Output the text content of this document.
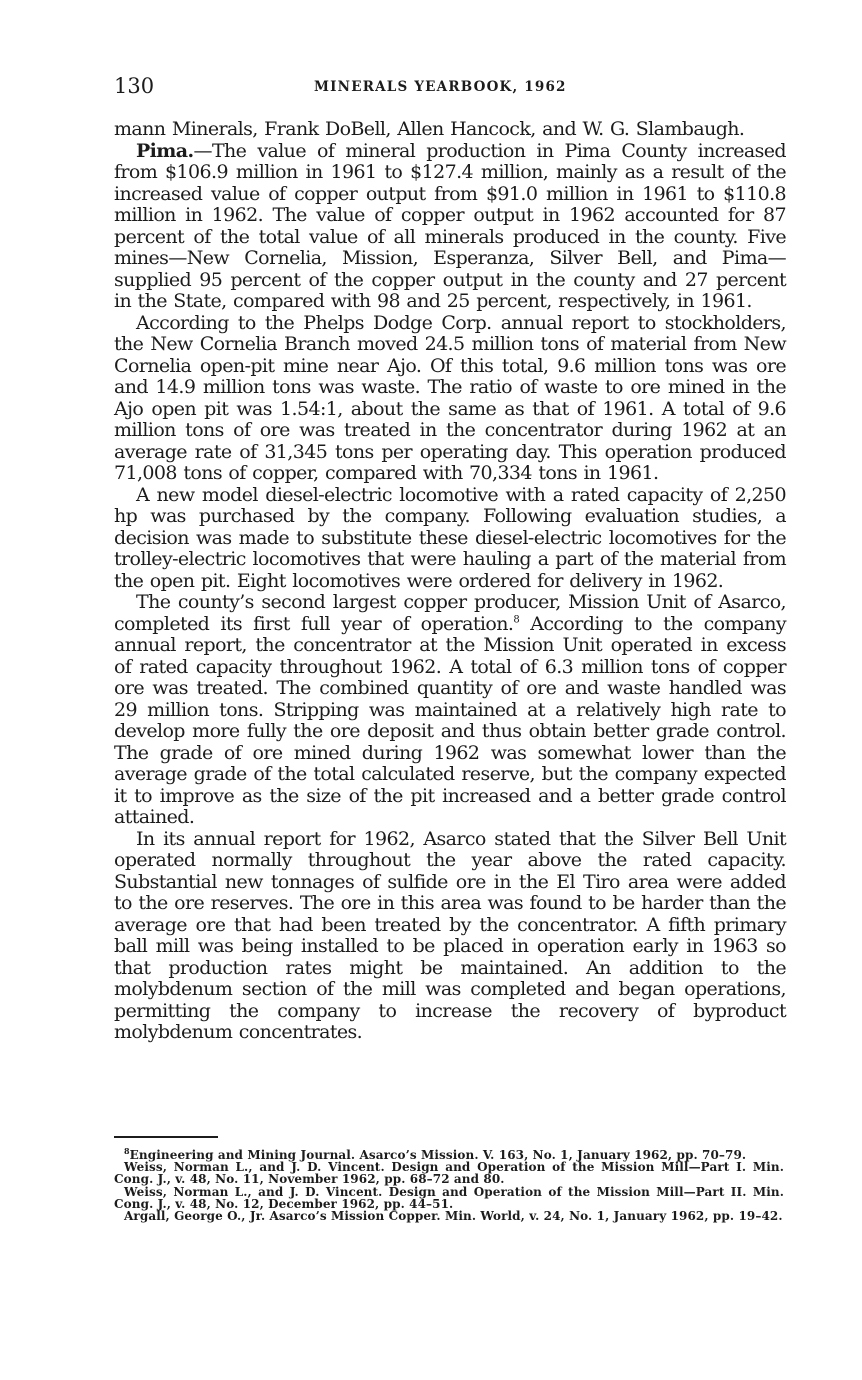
130	MINERALS YEARBOOK, 1962

mann Minerals, Frank DoBell, Allen Hancock, and W. G. Slambaugh.

Pima.—The value of mineral production in Pima County increased from $106.9 million in 1961 to $127.4 million, mainly as a result of the increased value of copper output from $91.0 million in 1961 to $110.8 million in 1962. The value of copper output in 1962 accounted for 87 percent of the total value of all minerals produced in the county. Five mines—New Cornelia, Mission, Esperanza, Silver Bell, and Pima—supplied 95 percent of the copper output in the county and 27 percent in the State, compared with 98 and 25 percent, respectively, in 1961.

According to the Phelps Dodge Corp. annual report to stockholders, the New Cornelia Branch moved 24.5 million tons of material from New Cornelia open-pit mine near Ajo. Of this total, 9.6 million tons was ore and 14.9 million tons was waste. The ratio of waste to ore mined in the Ajo open pit was 1.54:1, about the same as that of 1961. A total of 9.6 million tons of ore was treated in the concentrator during 1962 at an average rate of 31,345 tons per operating day. This operation produced 71,008 tons of copper, compared with 70,334 tons in 1961.

A new model diesel-electric locomotive with a rated capacity of 2,250 hp was purchased by the company. Following evaluation studies, a decision was made to substitute these diesel-electric locomotives for the trolley-electric locomotives that were hauling a part of the material from the open pit. Eight locomotives were ordered for delivery in 1962.

The county’s second largest copper producer, Mission Unit of Asarco, completed its first full year of operation.$^8$ According to the company annual report, the concentrator at the Mission Unit operated in excess of rated capacity throughout 1962. A total of 6.3 million tons of copper ore was treated. The combined quantity of ore and waste handled was 29 million tons. Stripping was maintained at a relatively high rate to develop more fully the ore deposit and thus obtain better grade control. The grade of ore mined during 1962 was somewhat lower than the average grade of the total calculated reserve, but the company expected it to improve as the size of the pit increased and a better grade control attained.

In its annual report for 1962, Asarco stated that the Silver Bell Unit operated normally throughout the year above the rated capacity. Substantial new tonnages of sulfide ore in the El Tiro area were added to the ore reserves. The ore in this area was found to be harder than the average ore that had been treated by the concentrator. A fifth primary ball mill was being installed to be placed in operation early in 1963 so that production rates might be maintained. An addition to the molybdenum section of the mill was completed and began operations, permitting the company to increase the recovery of byproduct molybdenum concentrates.

$^8$Engineering and Mining Journal. Asarco’s Mission. V. 163, No. 1, January 1962, pp. 70–79.

Weiss, Norman L., and J. D. Vincent. Design and Operation of the Mission Mill—Part I. Min. Cong. J., v. 48, No. 11, November 1962, pp. 68–72 and 80.

Weiss, Norman L., and J. D. Vincent. Design and Operation of the Mission Mill—Part II. Min. Cong. J., v. 48, No. 12, December 1962, pp. 44–51.

Argall, George O., Jr. Asarco’s Mission Copper. Min. World, v. 24, No. 1, January 1962, pp. 19–42.
